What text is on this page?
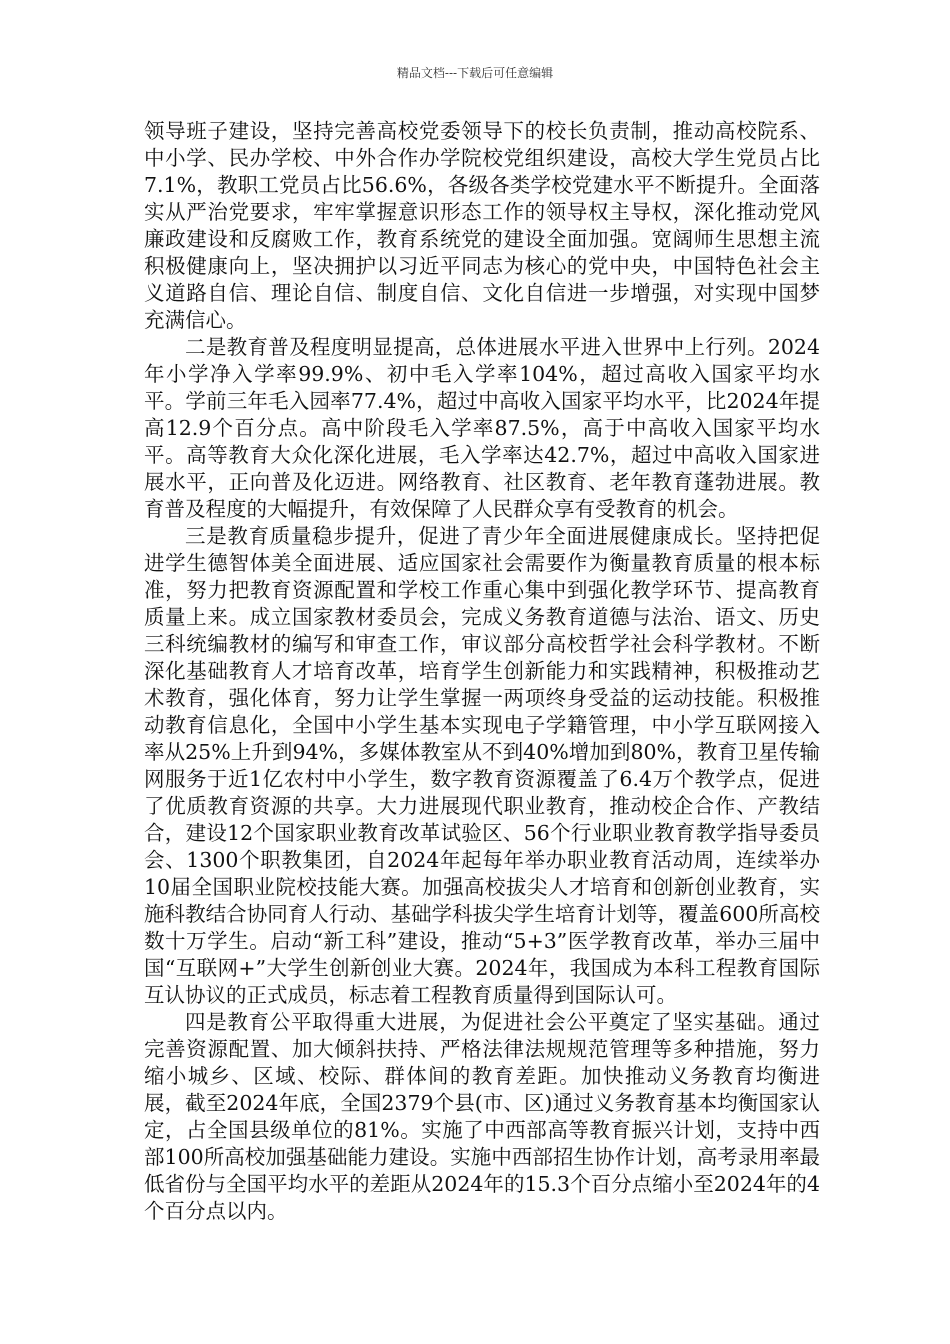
精品文档---下载后可任意编辑

领导班子建设，坚持完善高校党委领导下的校长负责制，推动高校院系、中小学、民办学校、中外合作办学院校党组织建设，高校大学生党员占比7.1%，教职工党员占比56.6%，各级各类学校党建水平不断提升。全面落实从严治党要求，牢牢掌握意识形态工作的领导权主导权，深化推动党风廉政建设和反腐败工作，教育系统党的建设全面加强。宽阔师生思想主流积极健康向上，坚决拥护以习近平同志为核心的党中央，中国特色社会主义道路自信、理论自信、制度自信、文化自信进一步增强，对实现中国梦充满信心。

二是教育普及程度明显提高，总体进展水平进入世界中上行列。2024年小学净入学率99.9%、初中毛入学率104%，超过高收入国家平均水平。学前三年毛入园率77.4%，超过中高收入国家平均水平，比2024年提高12.9个百分点。高中阶段毛入学率87.5%，高于中高收入国家平均水平。高等教育大众化深化进展，毛入学率达42.7%，超过中高收入国家进展水平，正向普及化迈进。网络教育、社区教育、老年教育蓬勃进展。教育普及程度的大幅提升，有效保障了人民群众享有受教育的机会。

三是教育质量稳步提升，促进了青少年全面进展健康成长。坚持把促进学生德智体美全面进展、适应国家社会需要作为衡量教育质量的根本标准，努力把教育资源配置和学校工作重心集中到强化教学环节、提高教育质量上来。成立国家教材委员会，完成义务教育道德与法治、语文、历史三科统编教材的编写和审查工作，审议部分高校哲学社会科学教材。不断深化基础教育人才培育改革，培育学生创新能力和实践精神，积极推动艺术教育，强化体育，努力让学生掌握一两项终身受益的运动技能。积极推动教育信息化，全国中小学生基本实现电子学籍管理，中小学互联网接入率从25%上升到94%，多媒体教室从不到40%增加到80%，教育卫星传输网服务于近1亿农村中小学生，数字教育资源覆盖了6.4万个教学点，促进了优质教育资源的共享。大力进展现代职业教育，推动校企合作、产教结合，建设12个国家职业教育改革试验区、56个行业职业教育教学指导委员会、1300个职教集团，自2024年起每年举办职业教育活动周，连续举办10届全国职业院校技能大赛。加强高校拔尖人才培育和创新创业教育，实施科教结合协同育人行动、基础学科拔尖学生培育计划等，覆盖600所高校数十万学生。启动“新工科”建设，推动“5+3”医学教育改革，举办三届中国“互联网+”大学生创新创业大赛。2024年，我国成为本科工程教育国际互认协议的正式成员，标志着工程教育质量得到国际认可。

四是教育公平取得重大进展，为促进社会公平奠定了坚实基础。通过完善资源配置、加大倾斜扶持、严格法律法规规范管理等多种措施，努力缩小城乡、区域、校际、群体间的教育差距。加快推动义务教育均衡进展，截至2024年底，全国2379个县(市、区)通过义务教育基本均衡国家认定，占全国县级单位的81%。实施了中西部高等教育振兴计划，支持中西部100所高校加强基础能力建设。实施中西部招生协作计划，高考录用率最低省份与全国平均水平的差距从2024年的15.3个百分点缩小至2024年的4个百分点以内。
